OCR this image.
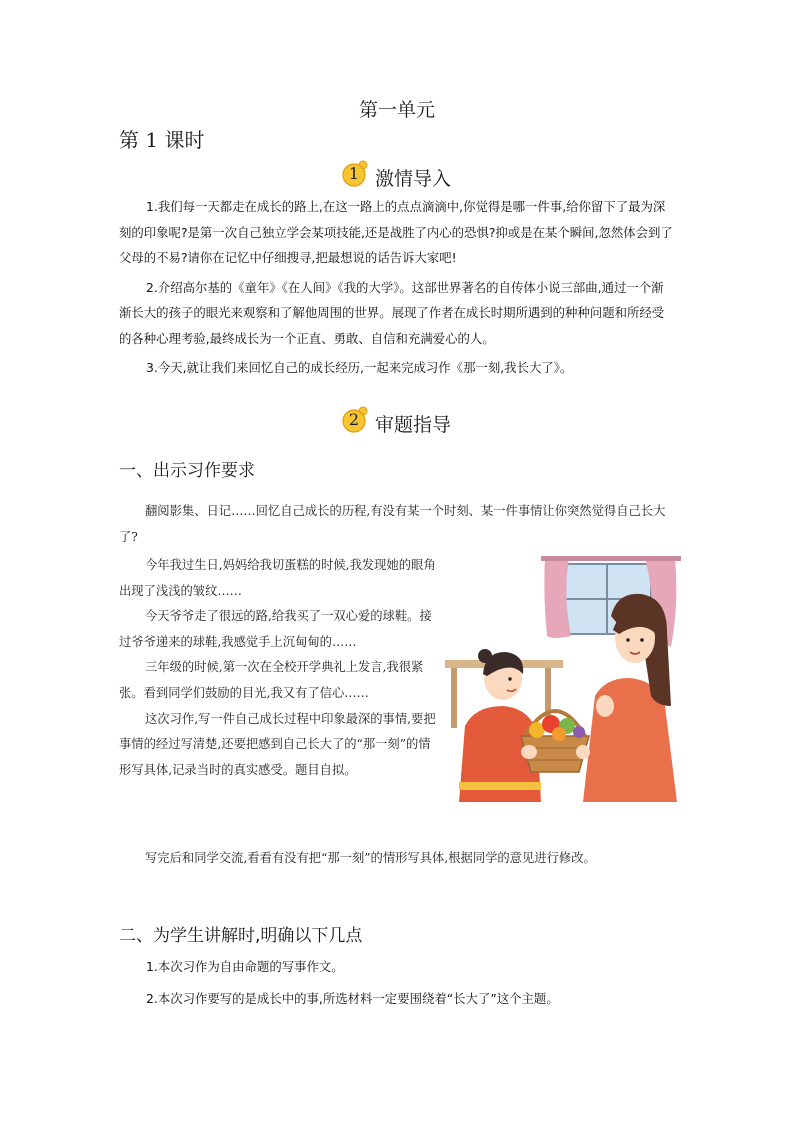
第一单元
第 1 课时
1 激情导入

1.我们每一天都走在成长的路上,在这一路上的点点滴滴中,你觉得是哪一件事,给你留下了最为深刻的印象呢?是第一次自己独立学会某项技能,还是战胜了内心的恐惧?抑或是在某个瞬间,忽然体会到了父母的不易?请你在记忆中仔细搜寻,把最想说的话告诉大家吧!

2.介绍高尔基的《童年》《在人间》《我的大学》。这部世界著名的自传体小说三部曲,通过一个渐渐长大的孩子的眼光来观察和了解他周围的世界。展现了作者在成长时期所遇到的种种问题和所经受的各种心理考验,最终成长为一个正直、勇敢、自信和充满爱心的人。

3.今天,就让我们来回忆自己的成长经历,一起来完成习作《那一刻,我长大了》。

2 审题指导
一、出示习作要求

翻阅影集、日记……回忆自己成长的历程,有没有某一个时刻、某一件事情让你突然觉得自己长大了?

今年我过生日,妈妈给我切蛋糕的时候,我发现她的眼角出现了浅浅的皱纹……

今天爷爷走了很远的路,给我买了一双心爱的球鞋。接过爷爷递来的球鞋,我感觉手上沉甸甸的……

三年级的时候,第一次在全校开学典礼上发言,我很紧张。看到同学们鼓励的目光,我又有了信心……

这次习作,写一件自己成长过程中印象最深的事情,要把事情的经过写清楚,还要把感到自己长大了的“那一刻”的情形写具体,记录当时的真实感受。题目自拟。

写完后和同学交流,看看有没有把“那一刻”的情形写具体,根据同学的意见进行修改。

二、为学生讲解时,明确以下几点

1.本次习作为自由命题的写事作文。

2.本次习作要写的是成长中的事,所选材料一定要围绕着“长大了”这个主题。
